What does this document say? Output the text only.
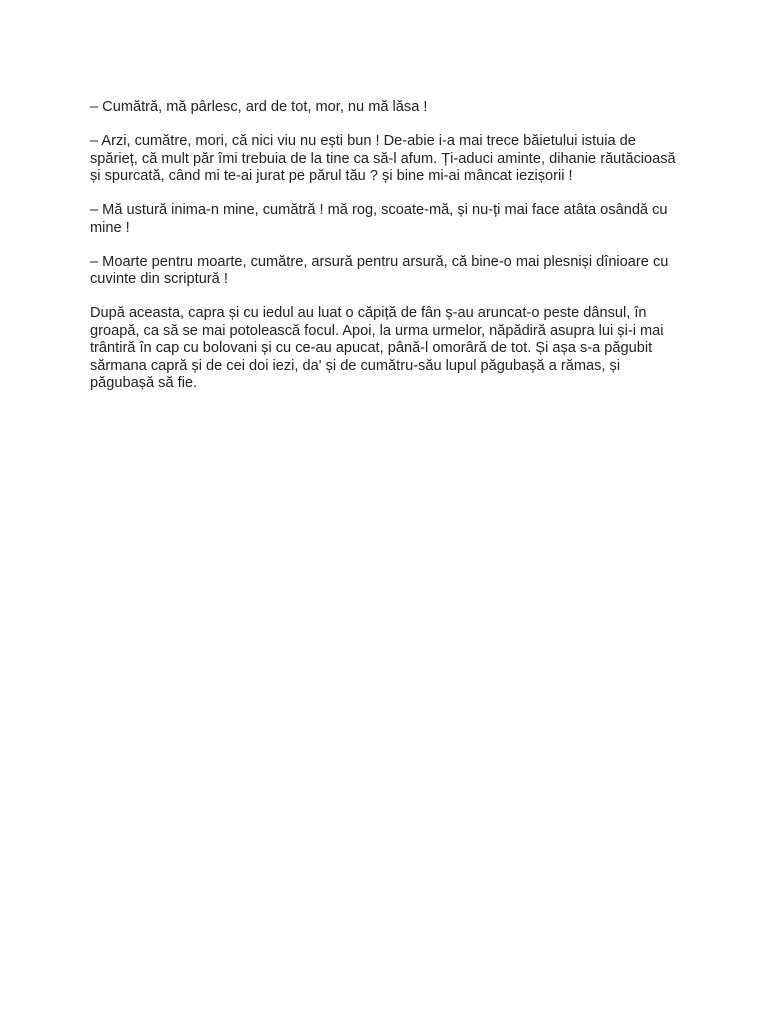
– Cumătră, mă pârlesc, ard de tot, mor, nu mă lăsa !

– Arzi, cumătre, mori, că nici viu nu ești bun ! De-abie i-a mai trece băietului istuia de spărieț, că mult păr îmi trebuia de la tine ca să-l afum. Ți-aduci aminte, dihanie răutăcioasă și spurcată, când mi te-ai jurat pe părul tău ? și bine mi-ai mâncat iezișorii !

– Mă ustură inima-n mine, cumătră ! mă rog, scoate-mă, și nu-ți mai face atâta osândă cu mine !

– Moarte pentru moarte, cumătre, arsură pentru arsură, că bine-o mai plesniși dînioare cu cuvinte din scriptură !

După aceasta, capra și cu iedul au luat o căpiță de fân ș-au aruncat-o peste dânsul, în groapă, ca să se mai potolească focul. Apoi, la urma urmelor, năpădiră asupra lui și-i mai trântiră în cap cu bolovani și cu ce-au apucat, până-l omorâră de tot. Și așa s-a păgubit sărmana capră și de cei doi iezi, da' și de cumătru-său lupul păgubașă a rămas, și păgubașă să fie.
